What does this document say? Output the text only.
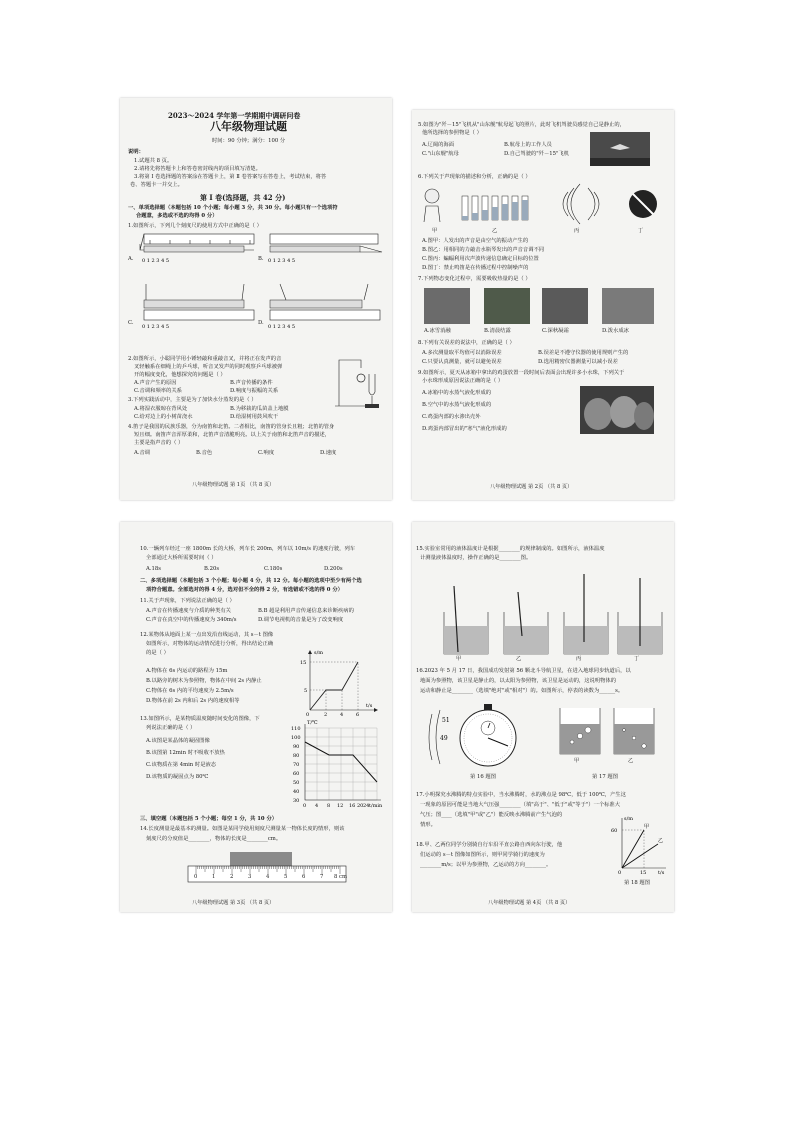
2023～2024 学年第一学期期中调研问卷
八年级物理试题
时间：90 分钟；满分：100 分
说明：
1.试题共 8 页。
2.请将先将答题卡上和答卷密封线内的项目填写清楚。
3.将第 Ⅰ 卷选择题的答案涂在答题卡上，第 Ⅱ 卷答案写在答卷上，考试结束，将答
卷、答题卡一并交上。
第 Ⅰ 卷(选择题，共 42 分)
一、单项选择题（本题包括 10 个小题；每小题 3 分，共 30 分。每小题只有一个选项符
合题意，多选或不选的均得 0 分）
1.如图所示，下列几个刻度尺的使用方式中正确的是（ ）
A.	B.
C.	D.
0 1 2 3 4 5	0 1 2 3 4 5
0 1 2 3 4 5	0 1 2 3 4 5
2.如图所示，小聪同学用小锤轻敲和重敲音叉，并将正在发声的音
叉轻触系在细绳上的乒乓球，听音叉发声的同时观察乒乓球被弹
开的幅度变化，他想探究的问题是（ ）
A.声音产生的原因	B.声音传播的条件
C.音调和频率的关系	D.响度与振幅的关系
3.下列实践活动中，主要是为了加快水分蒸发的是（ ）
A.将湿衣服晾在背风处	B.为移栽的瓜苗盖上地膜
C.给对边上的小树苗浇水	D.给湿树用鼓风吹干
4.笛子是我国的民族乐器，分为南笛和北笛。二者相比，南笛的管身长且粗；北笛的管身
短且细。南笛声音浑厚柔和，北笛声音清脆明亮。以上关于南笛和北笛声音的描述，
主要是指声音的（ ）
A.音调	B.音色	C.响度	D.速度
八年级物理试题 第 1页 （共 8 页）
5.如图为"歼－15"飞机从"山东舰"航母起飞的照片，此时飞机驾驶员感觉自己是静止的，
他所选择的参照物是（ ）
A.辽阔的海面	B.航母上的工作人员
C."山东舰"航母	D.自己驾驶的"歼－15"飞机
6.下列关于声现象的描述和分析，正确的是（ ）
甲	乙	丙	丁
A.图甲：人发出的声音是由空气的振动产生的
B.图乙：用相同的力敲击水瓶琴发出的声音音调不同
C.图丙：蝙蝠利用次声波传递信息确定目标的位置
D.图丁：禁止鸣笛是在传播过程中控制噪声的
7.下列物态变化过程中，需要吸收热量的是（ ）
A.冰雪消融	B.清晨结露	C.深秋凝霜	D.泼水成冰
8.下列有关误差的说法中，正确的是（ ）
A.多次测量取平均值可以消除误差	B.误差是不遵守仪器的使用规则产生的
C.只要认真测量，就可以避免误差	D.选用精密仪器测量可以减小误差
9.如图所示，夏天从冰箱中拿出的鸡蛋放置一段时间后表面会出现许多小水珠，下列关于
小水珠形成原因说法正确的是（ ）
A.冰箱中的水蒸气液化形成的
B.空气中的水蒸气液化形成的
C.鸡蛋内部的水渗出壳外
D.鸡蛋内部冒出的"寒气"液化形成的
八年级物理试题 第 2页 （共 8 页）
10.一辆列车经过一座 1800m 长的大桥，列车长 200m，列车以 10m/s 的速度行驶，列车
全部通过大桥所需要时间（ ）
A.18s	B.20s	C.180s	D.200s
二、多项选择题（本题包括 3 个小题；每小题 4 分，共 12 分。每小题的选项中至少有两个选
项符合题意。全部选对的得 4 分，选对但不全的得 2 分，有选错或不选的得 0 分）
11.关于声现象，下列说法正确的是（ ）
A.声音在传播速度与介质的种类有关	B.B 超是利用声音传递信息来诊断疾病的
C.声音在真空中的传播速度为 340m/s	D.调节电视机的音量是为了改变响度
12.某物体从地面上某一点出发沿直线运动，其 s－t 图像
如图所示，对物体的运动情况进行分析，得出结论正确
的是（ ）
A.物体在 6s 内运动的路程为 15m
B.以路旁的树木为参照物，物体在中间 2s 内静止
C.物体在 6s 内的平均速度为 2.5m/s
D.物体在前 2s 内和后 2s 内的速度相等
s/m
t/s
15
5
0	2	4	6
13.如图所示，是某物质温度随时间变化的图像，下
列说法正确的是（ ）
A.该图是某晶体的凝固图像
B.该图第 12min 时不吸收不放热
C.该物质在第 4min 时是液态
D.该物质的凝固点为 80℃
T/℃
t/min
110
100
90
80
70
60
50
40
30
0 4 8 12 16 20 24
三、填空题（本题包括 5 个小题；每空 1 分，共 10 分）
14.长度测量是最基本的测量。如图是某同学使用刻度尺测量某一物体长度的情形，则该
刻度尺的分度值是________，物体的长度是________cm。
0	1	2	3	4	5	6	7 8 cm
八年级物理试题 第 3页 （共 8 页）
15.实验室常用的液体温度计是根据________的规律制成的。如图所示，液体温度
计测量液体温度时，操作正确的是________图。
甲	乙	丙	丁
16.2023 年 5 月 17 日，我国成功发射第 56 颗北斗导航卫星，在进入地球同步轨道后，以
地面为参照物，该卫星是静止的，以太阳为参照物，该卫星是运动的，这说明物体的
运动和静止是________（选填"绝对"或"相对"）的。如图所示，停表的读数为______s。
51
49
甲	乙
第 16 题图	第 17 题图
17.小明探究水沸腾的特点实验中，当水沸腾时，水的沸点是 98℃，低于 100℃，产生这
一现象的原因可能是当地大气压强________（填"高于"、"低于"或"等于"）一个标准大
气压；图____（选填"甲"或"乙"）能反映水沸腾前产生气泡的
情形。
18.甲、乙两位同学分别骑自行车沿平直公路自西向东行驶，他
们运动的 s－t 图像如图所示，则甲同学骑行的速度为
________m/s；以甲为参照物，乙运动的方向________。
s/m
t/s
甲
乙
60
0	15
第 18 题图
八年级物理试题 第 4页 （共 8 页）
